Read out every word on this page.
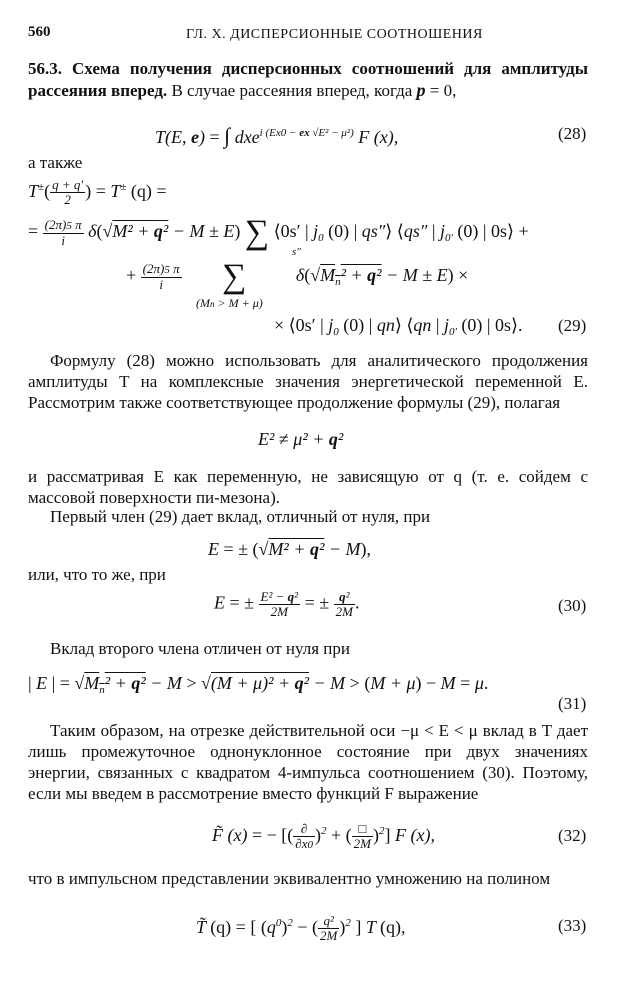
560	ГЛ. X. ДИСПЕРСИОННЫЕ СООТНОШЕНИЯ
56.3. Схема получения дисперсионных соотношений для амплитуды рассеяния вперед. В случае рассеяния вперед, когда p = 0,
T(E, e) = ∫ dxe$^{i (Ex0 - ex √E^2 - \mu^2)}$ F (x),	(28)
а также
$T^\pm( \frac{q + q'}{2}$ ) = T± (q) =
= $\frac{(2\pi)5 \pi}{i} \delta(√M^2 + q^2 - M \pm E)$ ∑ ⟨0s′ | $j_0$ (0) | qs″⟩ ⟨qs″ | $j_{0'}$ (0) | 0s⟩ +
s″
+ $\frac{(2\pi)5 \pi}{i}$ ∑           $\delta(√M_n^2 + q^2 - M \pm E)$ ×
(Mn > M + μ)
× ⟨0s′ | $j_0$ (0) | qn⟩ ⟨qn | $j_{0'}$ (0) | 0s⟩. (29)
Формулу (28) можно использовать для аналитического продолжения амплитуды T на комплексные значения энергетической переменной E. Рассмотрим также соответствующее продолжение формулы (29), полагая
E² ≠ μ² + q²
и рассматривая E как переменную, не зависящую от q (т. е. сойдем с массовой поверхности пи-мезона).
Первый член (29) дает вклад, отличный от нуля, при
E = ± (√M² + q² − M),
или, что то же, при
E = ± $\frac{\text{E² − q²}}{2M}$ = ± $\frac{\text{q²}}{2M}$ .	(30)
Вклад второго члена отличен от нуля при
| E | = $√M_n^2 + q^2 - M > √(M + \mu)^2 + q^2 - M > (M + \mu) - M = \mu$.
(31)
Таким образом, на отрезке действительной оси −μ < E < μ вклад в T дает лишь промежуточное однонуклонное состояние при двух значениях энергии, связанных с квадратом 4-импульса соотношением (30). Поэтому, если мы введем в рассмотрение вместо функций F выражение
F̃ (x) = − [( $\frac{\partial}{\partial x0} )^2$ + ( $\frac{□}{2M} )^2$] F (x),	(32)
что в импульсном представлении эквивалентно умножению на полином
T̃ (q) = [ $(q^0)^2$ − ( $\frac{\text{q²}}{2M} )^2$ ] T (q),	(33)
